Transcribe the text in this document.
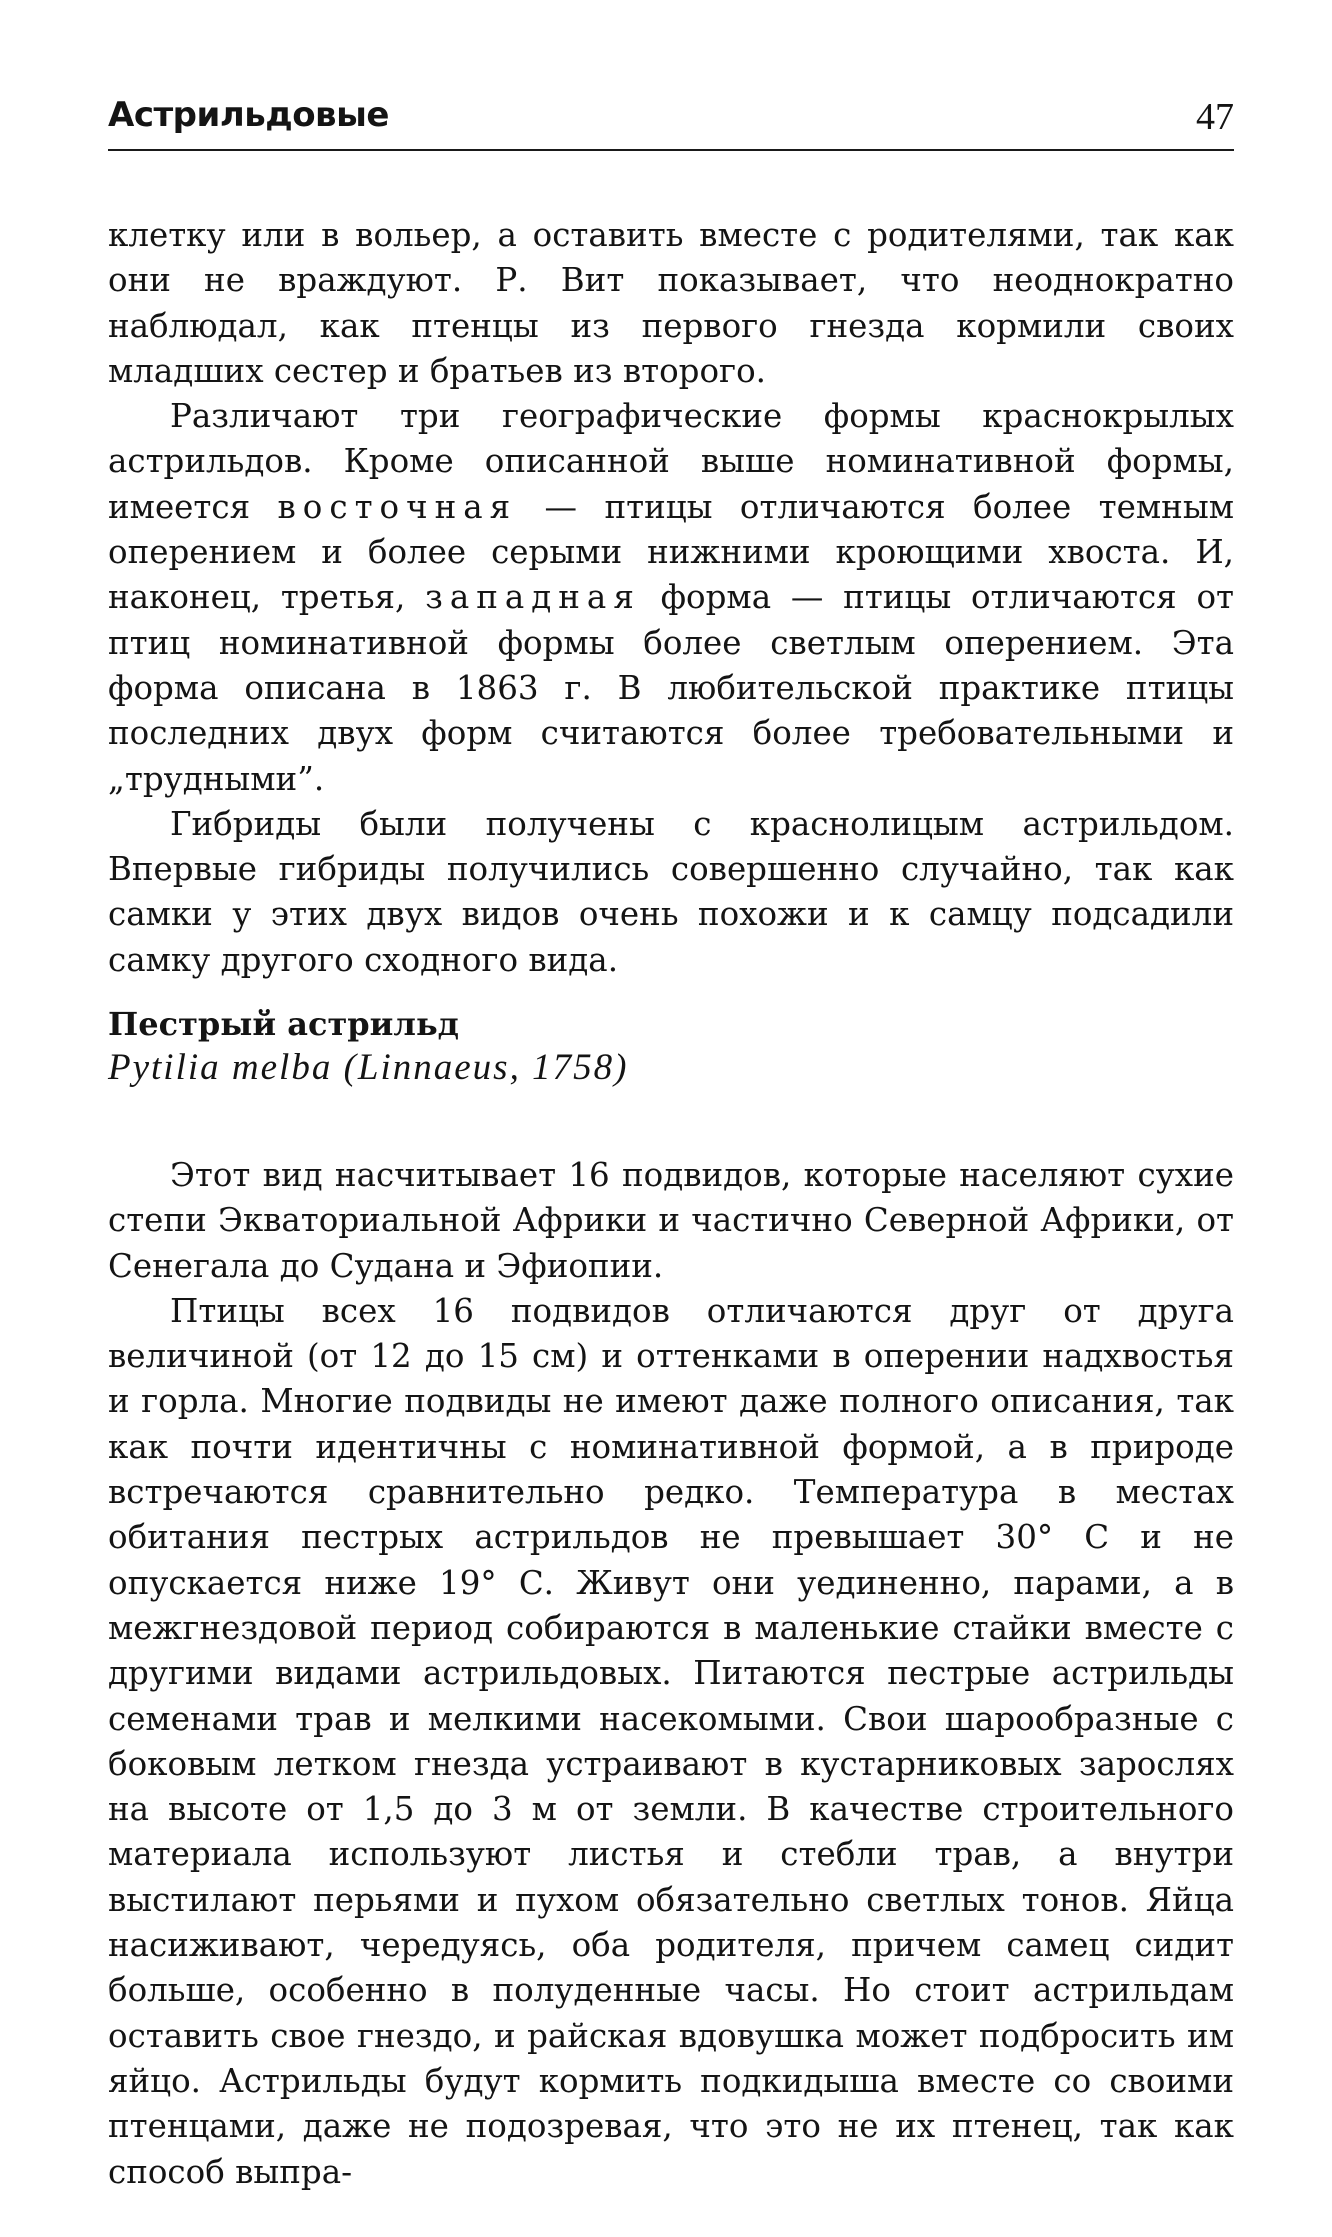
Астрильдовые	47

клетку или в вольер, а оставить вместе с родителями, так как они не враждуют. Р. Вит показывает, что неоднократно наблюдал, как птенцы из первого гнезда кормили своих младших сестер и братьев из второго.

Различают три географические формы краснокрылых астрильдов. Кроме описанной выше номинативной формы, имеется восточная — птицы отличаются более темным оперением и более серыми нижними кроющими хвоста. И, наконец, третья, западная форма — птицы отличаются от птиц номинативной формы более светлым оперением. Эта форма описана в 1863 г. В любительской практике птицы последних двух форм считаются более требовательными и „трудными”.

Гибриды были получены с краснолицым астрильдом. Впервые гибриды получились совершенно случайно, так как самки у этих двух видов очень похожи и к самцу подсадили самку другого сходного вида.

Пестрый астрильд
Pytilia melba (Linnaeus, 1758)

Этот вид насчитывает 16 подвидов, которые населяют сухие степи Экваториальной Африки и частично Северной Африки, от Сенегала до Судана и Эфиопии.

Птицы всех 16 подвидов отличаются друг от друга величиной (от 12 до 15 см) и оттенками в оперении надхвостья и горла. Многие подвиды не имеют даже полного описания, так как почти идентичны с номинативной формой, а в природе встречаются сравнительно редко. Температура в местах обитания пестрых астрильдов не превышает 30° С и не опускается ниже 19° С. Живут они уединенно, парами, а в межгнездовой период собираются в маленькие стайки вместе с другими видами астрильдовых. Питаются пестрые астрильды семенами трав и мелкими насекомыми. Свои шарообразные с боковым летком гнезда устраивают в кустарниковых зарослях на высоте от 1,5 до 3 м от земли. В качестве строительного материала используют листья и стебли трав, а внутри выстилают перьями и пухом обязательно светлых тонов. Яйца насиживают, чередуясь, оба родителя, причем самец сидит больше, особенно в полуденные часы. Но стоит астрильдам оставить свое гнездо, и райская вдовушка может подбросить им яйцо. Астрильды будут кормить подкидыша вместе со своими птенцами, даже не подозревая, что это не их птенец, так как способ выпра-
